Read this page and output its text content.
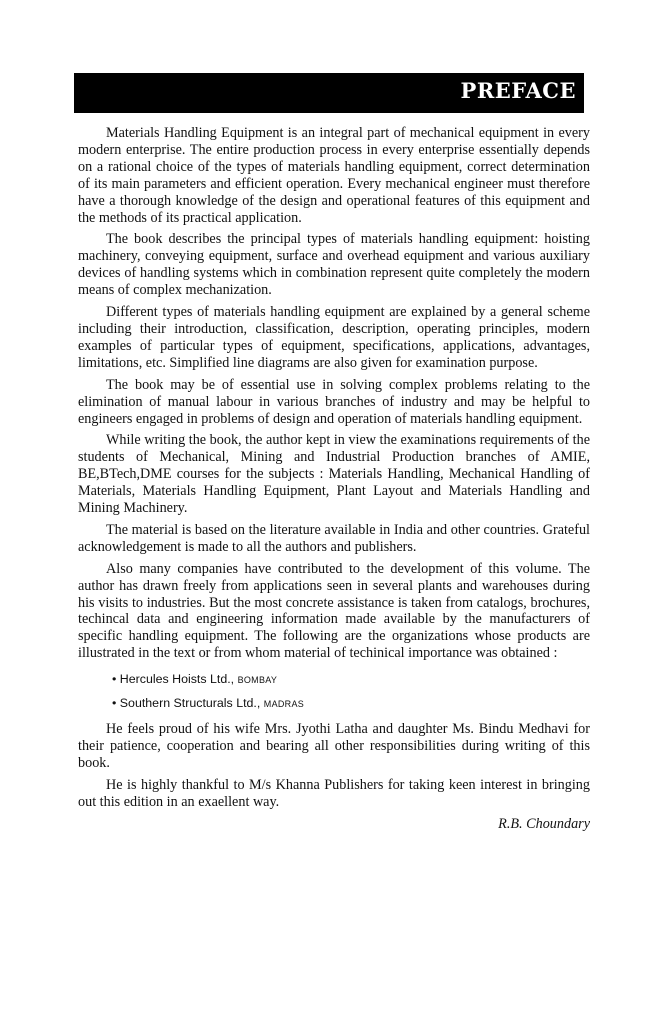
PREFACE

Materials Handling Equipment is an integral part of mechanical equipment in every modern enterprise. The entire production process in every enterprise essentially depends on a rational choice of the types of materials handling equipment, correct determination of its main parameters and efficient operation. Every mechanical engineer must therefore have a thorough knowledge of the design and operational features of this equipment and the methods of its practical application.

The book describes the principal types of materials handling equipment: hoisting machinery, conveying equipment, surface and overhead equipment and various auxiliary devices of handling systems which in combination represent quite completely the modern means of complex mechanization.

Different types of materials handling equipment are explained by a general scheme including their introduction, classification, description, operating principles, modern examples of particular types of equipment, specifications, applications, advantages, limitations, etc. Simplified line diagrams are also given for examination purpose.

The book may be of essential use in solving complex problems relating to the elimination of manual labour in various branches of industry and may be helpful to engineers engaged in problems of design and operation of materials handling equipment.

While writing the book, the author kept in view the examinations requirements of the students of Mechanical, Mining and Industrial Production branches of AMIE, BE,BTech,DME courses for the subjects : Materials Handling, Mechanical Handling of Materials, Materials Handling Equipment, Plant Layout and Materials Handling and Mining Machinery.

The material is based on the literature available in India and other countries. Grateful acknowledgement is made to all the authors and publishers.

Also many companies have contributed to the development of this volume. The author has drawn freely from applications seen in several plants and warehouses during his visits to industries. But the most concrete assistance is taken from catalogs, brochures, techincal data and engineering information made available by the manufacturers of specific handling equipment. The following are the organizations whose products are illustrated in the text or from whom material of techinical importance was obtained :

• Hercules Hoists Ltd., BOMBAY
• Southern Structurals Ltd., MADRAS

He feels proud of his wife Mrs. Jyothi Latha and daughter Ms. Bindu Medhavi for their patience, cooperation and bearing all other responsibilities during writing of this book.

He is highly thankful to M/s Khanna Publishers for taking keen interest in bringing out this edition in an exaellent way.

R.B. Choundary
